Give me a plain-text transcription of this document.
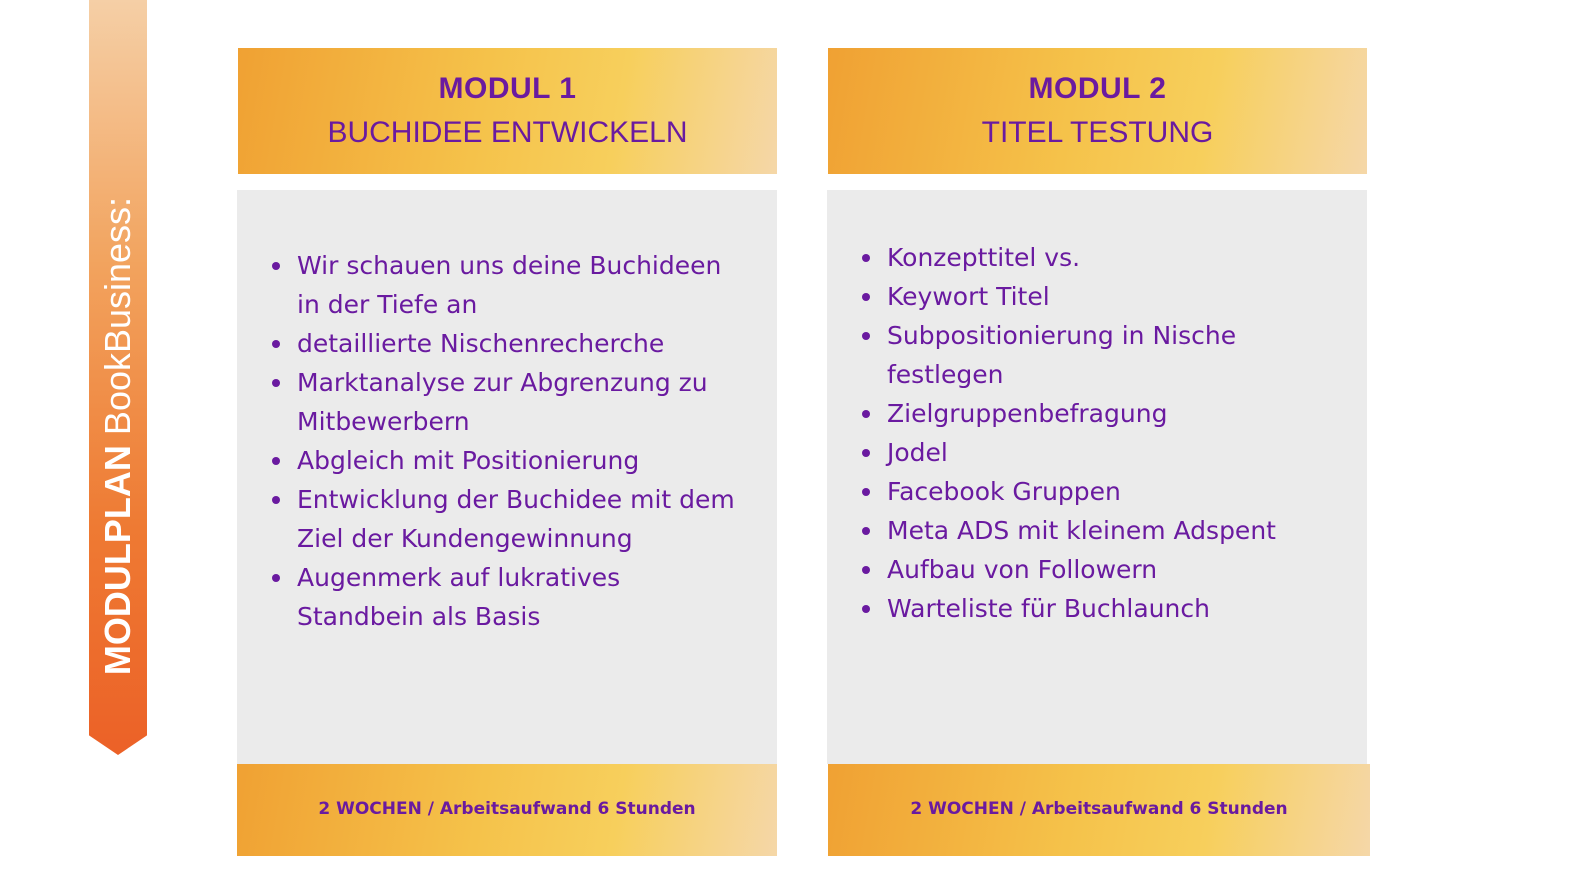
MODULPLAN BookBusiness:
MODUL 1
BUCHIDEE ENTWICKELN
Wir schauen uns deine Buchideen in der Tiefe an
detaillierte Nischenrecherche
Marktanalyse zur Abgrenzung zu Mitbewerbern
Abgleich mit Positionierung
Entwicklung der Buchidee mit dem Ziel der Kundengewinnung
Augenmerk auf lukratives Standbein als Basis
2 WOCHEN / Arbeitsaufwand 6 Stunden
MODUL 2
TITEL TESTUNG
Konzepttitel vs.
Keywort Titel
Subpositionierung in Nische festlegen
Zielgruppenbefragung
Jodel
Facebook Gruppen
Meta ADS mit kleinem Adspent
Aufbau von Followern
Warteliste für Buchlaunch
2 WOCHEN / Arbeitsaufwand 6 Stunden
